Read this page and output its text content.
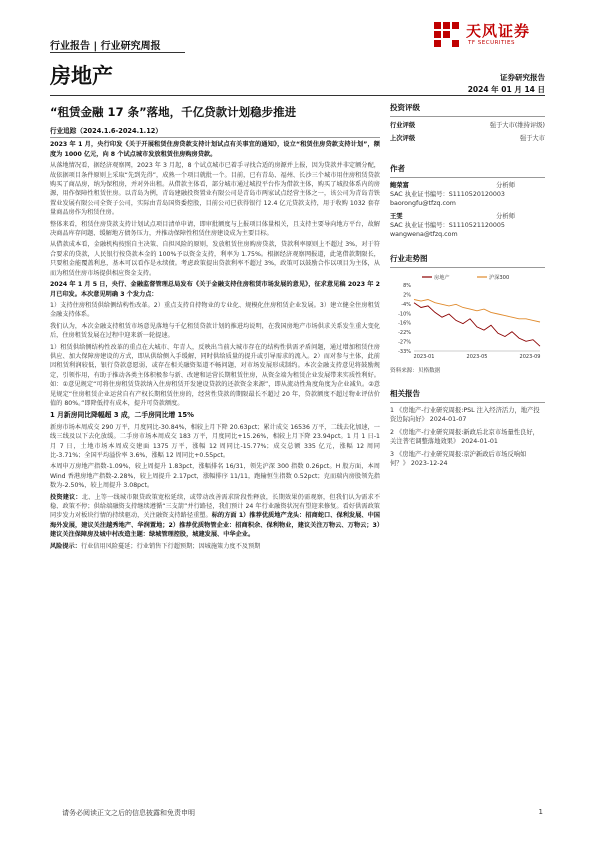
行业报告 | 行业研究周报
房地产
天风证券
TF SECURITIES
证券研究报告
2024 年 01 月 14 日
“租赁金融 17 条”落地，千亿贷款计划稳步推进
行业追踪（2024.1.6-2024.1.12）
2023 年 1 月，央行印发《关于开展租赁住房贷款支持计划试点有关事宜的通知》，设立“租赁住房贷款支持计划”，额度为 1000 亿元，向 8 个试点城市发放租赁住房购房贷款。
从落地情况看，据经济观察网，2023 年 3 月起，8 个试点城市已着手寻找合适的房源并上报，因为贷款并非定额分配，故依据项目条件原则上采取“先到先得”，成熟一个项目就批一个。目前，已有青岛、福州、长沙三个城市用住房租赁贷款购买了商品房，纳为保租房，并对外出租。从借款主体看，部分城市通过城投平台作为借款主体，购买了城投体系内的房源，用作保障性租赁住房。以青岛为例，青岛建融投资置业有限公司是青岛市两家试点经营主体之一，该公司为青岛青铁置业发展有限公司全资子公司，实际由青岛国资委控股，目前公司已获得银行 12.4 亿元贷款支持，用于收购 1032 套存量商品房作为租赁住房。
整体来看，租赁住房贷款支持计划试点项目清单申请，即审批额度与上报项目体量相关，且支持主要导向地方平台，故解决商品库存问题、缓解地方债务压力，并推动保障性租赁住房建设成为主要目标。
从借款成本看，金融机构按照自主决策、自担风险的原则，发放租赁住房购房贷款，贷款利率原则上不超过 3%，对于符合要求的贷款，人民银行按贷款本金的 100%予以资金支持，利率为 1.75%。根据经济观察网报道，此笔借款期限长，只要租金能覆盖利息，基本可以看作是永续债。考虑政策提出贷款利率不超过 3%，政策可以鼓励合作以项目为主体，从而为租赁住房市场提供相应资金支持。
2024 年 1 月 5 日，央行、金融监督管理总局发布《关于金融支持住房租赁市场发展的意见》，征求意见稿 2023 年 2 月已印发。本次意见明确 3 个发力点：
1）支持住房租赁供给侧结构性改革。2）重点支持自持物业的专业化、规模化住房租赁企业发展。3）建立健全住房租赁金融支持体系。
我们认为，本次金融支持租赁市场意见落地与千亿租赁贷款计划的推进均说明，在我国房地产市场供求关系发生重大变化后，住房租赁发展在过程中迎来新一轮提速。
1）租赁供给侧结构性改革的重点在大城市、年青人，反映出当前大城市存在的结构性供需矛盾问题，通过增加租赁住房供应、加大保障房建设的方式，即从供给侧入手缓解，同时供给质量的提升或引导需求的流入。2）而对参与主体，此前因租赁利润较低，银行贷款意愿弱，或存在相关融资渠道不畅问题，对市场发展形成制约。本次金融支持意见将鼓励规定，引领作用，有助于推动各类主体积极参与新、改建和运营长期租赁住房，从资金端为租赁企业发展带来实质性利好。如：①意见规定“可将住房租赁贷款纳入住房租赁开发建设贷款的还款资金来源”，即从流动性角度角度为企业减负。②意见规定“住房租赁企业运营自有产权长期租赁住房的，经营性贷款的期限最长不超过 20 年，贷款额度不超过物业评估价值的 80%。”即降低持有成本，提升可贷款额度。
1 月新房同比降幅超 3 成，二手房同比增 15%
新房市场本周成交 290 万平，月度同比-30.84%，相较上月下降 20.63pct；累计成交 16536 万平，二线去化加速，一线三线及以下去化放缓。二手房市场本周成交 183 万平，月度同比+15.26%，相较上月下降 23.94pct。1 月 1 日-1 月 7 日，土地市场本周成交建面 1375 万平，涨幅 12 周同比-15.77%；成交总额 335 亿元，涨幅 12 周同比-3.71%；全国平均溢价率 3.6%，涨幅 12 周同比+0.55pct。
本周申万房地产指数-1.09%，较上周提升 1.83pct，涨幅排名 16/31，领先沪深 300 指数 0.26pct。H 股方面，本周 Wind 香港房地产指数-2.28%，较上周提升 2.17pct，涨幅排序 11/11，跑输恒生指数 0.52pct；克而瑞内房股领先指数为-2.50%，较上周提升 3.08pct。
投资建议：北、上等一线城市限贷政策宽松延续，或带动改善需求阶段性释放，长期效果仍需观察，但我们认为需求不稳、政策不停；供给端融资支持继续遵循“三支箭”并行路径，我们预计 24 年行业融资状况有望迎来修复。看好供需政策同步发力对板块行情的持续驱动，关注融资支持路径重塑。标的方面 1）推荐优质地产龙头：招商蛇口、保利发展、中国海外发展，建议关注越秀地产、华润置地；2）推荐优质物管企业：招商积余、保利物业，建议关注万物云、万物云；3）建议关注保障房及城中村改造主题：绿城管理控股，城建发展、中华企业。
风险提示：行业信用风险蔓延；行业销售下行超预期；因城施策力度不及预期
投资评级
行业评级	强于大市(维持评级)
上次评级	强于大市
作者
鲍荣富	分析师
SAC 执业证书编号：S1110520120003
baorongfu@tfzq.com
王雯	分析师
SAC 执业证书编号：S1110521120005
wangwena@tfzq.com
行业走势图
8%
2%
-4%
-10%
-16%
-22%
-27%
-33%
2023-01	2023-05	2023-09
房地产	沪深300
资料来源：贝格数据
相关报告
1 《房地产-行业研究周报:PSL 注入经济活力，地产投资边际向好》 2024-01-07
2 《房地产-行业研究周报:新政后北京市场量性良好，关注普宅调整落地效果》 2024-01-01
3 《房地产-行业研究周报:京沪新政后市场反响如何？》 2023-12-24
请务必阅读正文之后的信息披露和免责申明	1
